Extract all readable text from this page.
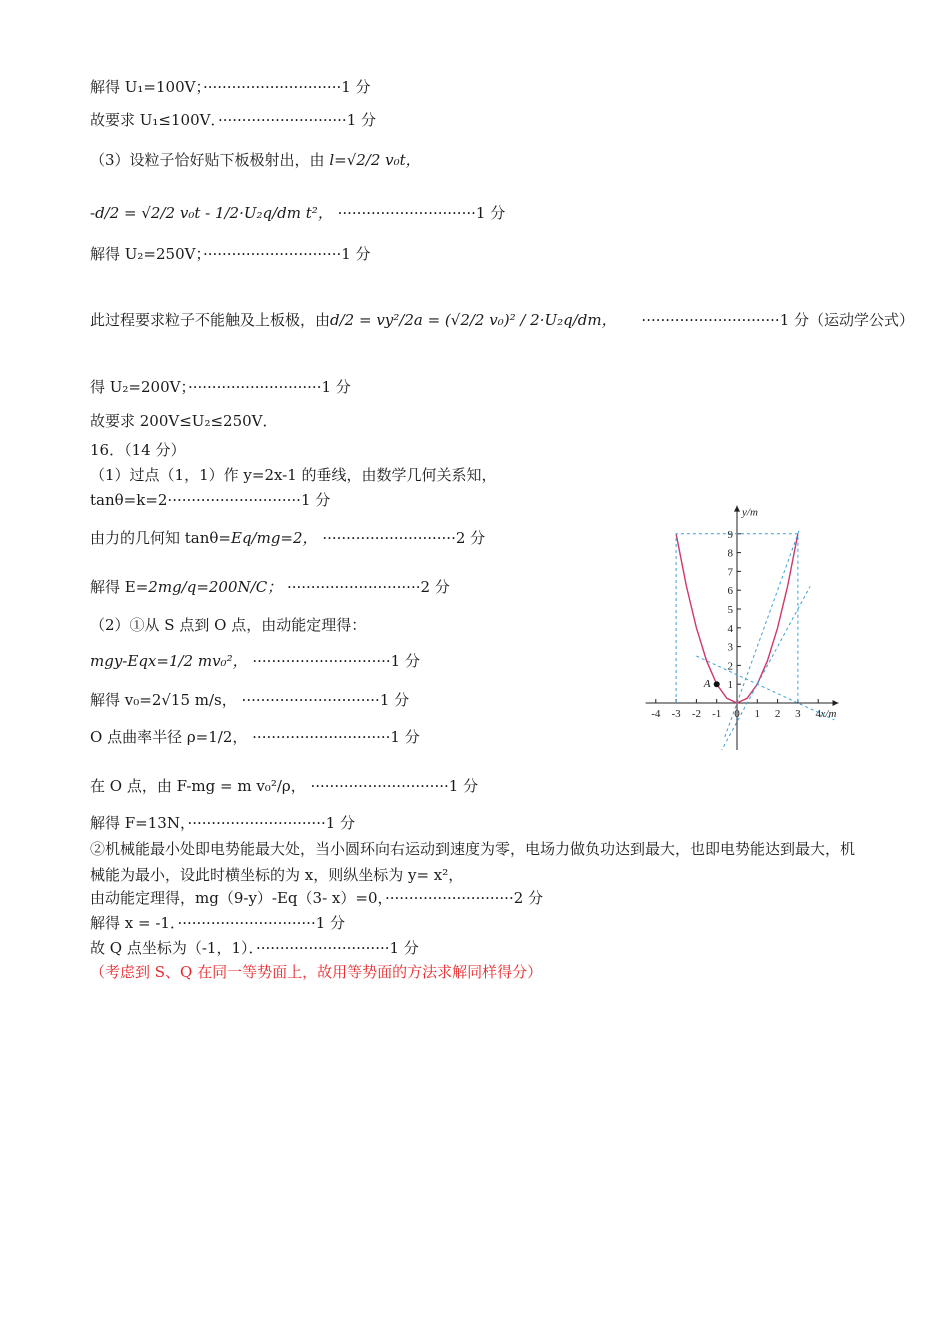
解得 U₁=100V；·····························1 分
故要求 U₁≤100V．···························1 分
（3）设粒子恰好贴下板极射出，由 l=√2/2 v₀t，
-d/2 = √2/2 v₀t - 1/2·U₂q/dm t²， ·····························1 分
解得 U₂=250V；·····························1 分
此过程要求粒子不能触及上板极，由d/2 = vy²/2a = (√2/2 v₀)² / 2·U₂q/dm， ·····························1 分（运动学公式）
得 U₂=200V；····························1 分
故要求 200V≤U₂≤250V．
16．（14 分）
（1）过点（1，1）作 y=2x-1 的垂线，由数学几何关系知，
tanθ=k=2····························1 分
由力的几何知 tanθ=Eq/mg=2， ····························2 分
解得 E=2mg/q=200N/C； ····························2 分
（2）①从 S 点到 O 点，由动能定理得：
mgy-Eqx=1/2 mv₀²， ·····························1 分
解得 v₀=2√15 m/s， ·····························1 分
O 点曲率半径 ρ=1/2， ·····························1 分
在 O 点，由 F-mg = m v₀²/ρ， ·····························1 分
解得 F=13N，·····························1 分
②机械能最小处即电势能最大处，当小圆环向右运动到速度为零，电场力做负功达到最大，也即电势能达到最大，机械能为最小，设此时横坐标的为 x，则纵坐标为 y= x²，
由动能定理得，mg（9-y）-Eq（3- x）=0，···························2 分
解得 x = -1．·····························1 分
故 Q 点坐标为（-1，1）．····························1 分
（考虑到 S、Q 在同一等势面上，故用等势面的方法求解同样得分）
-4 -3 -2 -1 0 1 2 3 4
1
2
3
4
5
6
7
8
9
x/m
y/m
A
